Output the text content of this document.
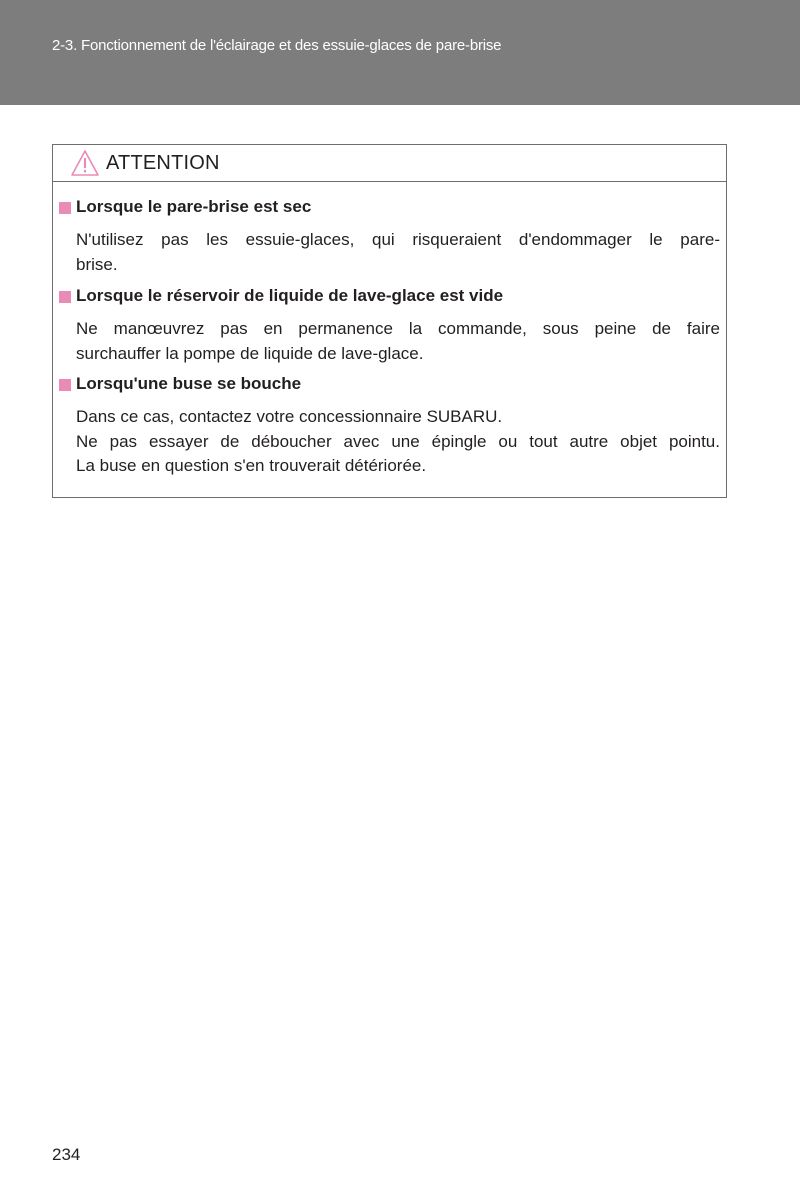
2-3. Fonctionnement de l'éclairage et des essuie-glaces de pare-brise
ATTENTION
Lorsque le pare-brise est sec
N'utilisez pas les essuie-glaces, qui risqueraient d'endommager le pare-
brise.
Lorsque le réservoir de liquide de lave-glace est vide
Ne manœuvrez pas en permanence la commande, sous peine de faire
surchauffer la pompe de liquide de lave-glace.
Lorsqu'une buse se bouche
Dans ce cas, contactez votre concessionnaire SUBARU.
Ne pas essayer de déboucher avec une épingle ou tout autre objet pointu.
La buse en question s'en trouverait détériorée.
234
